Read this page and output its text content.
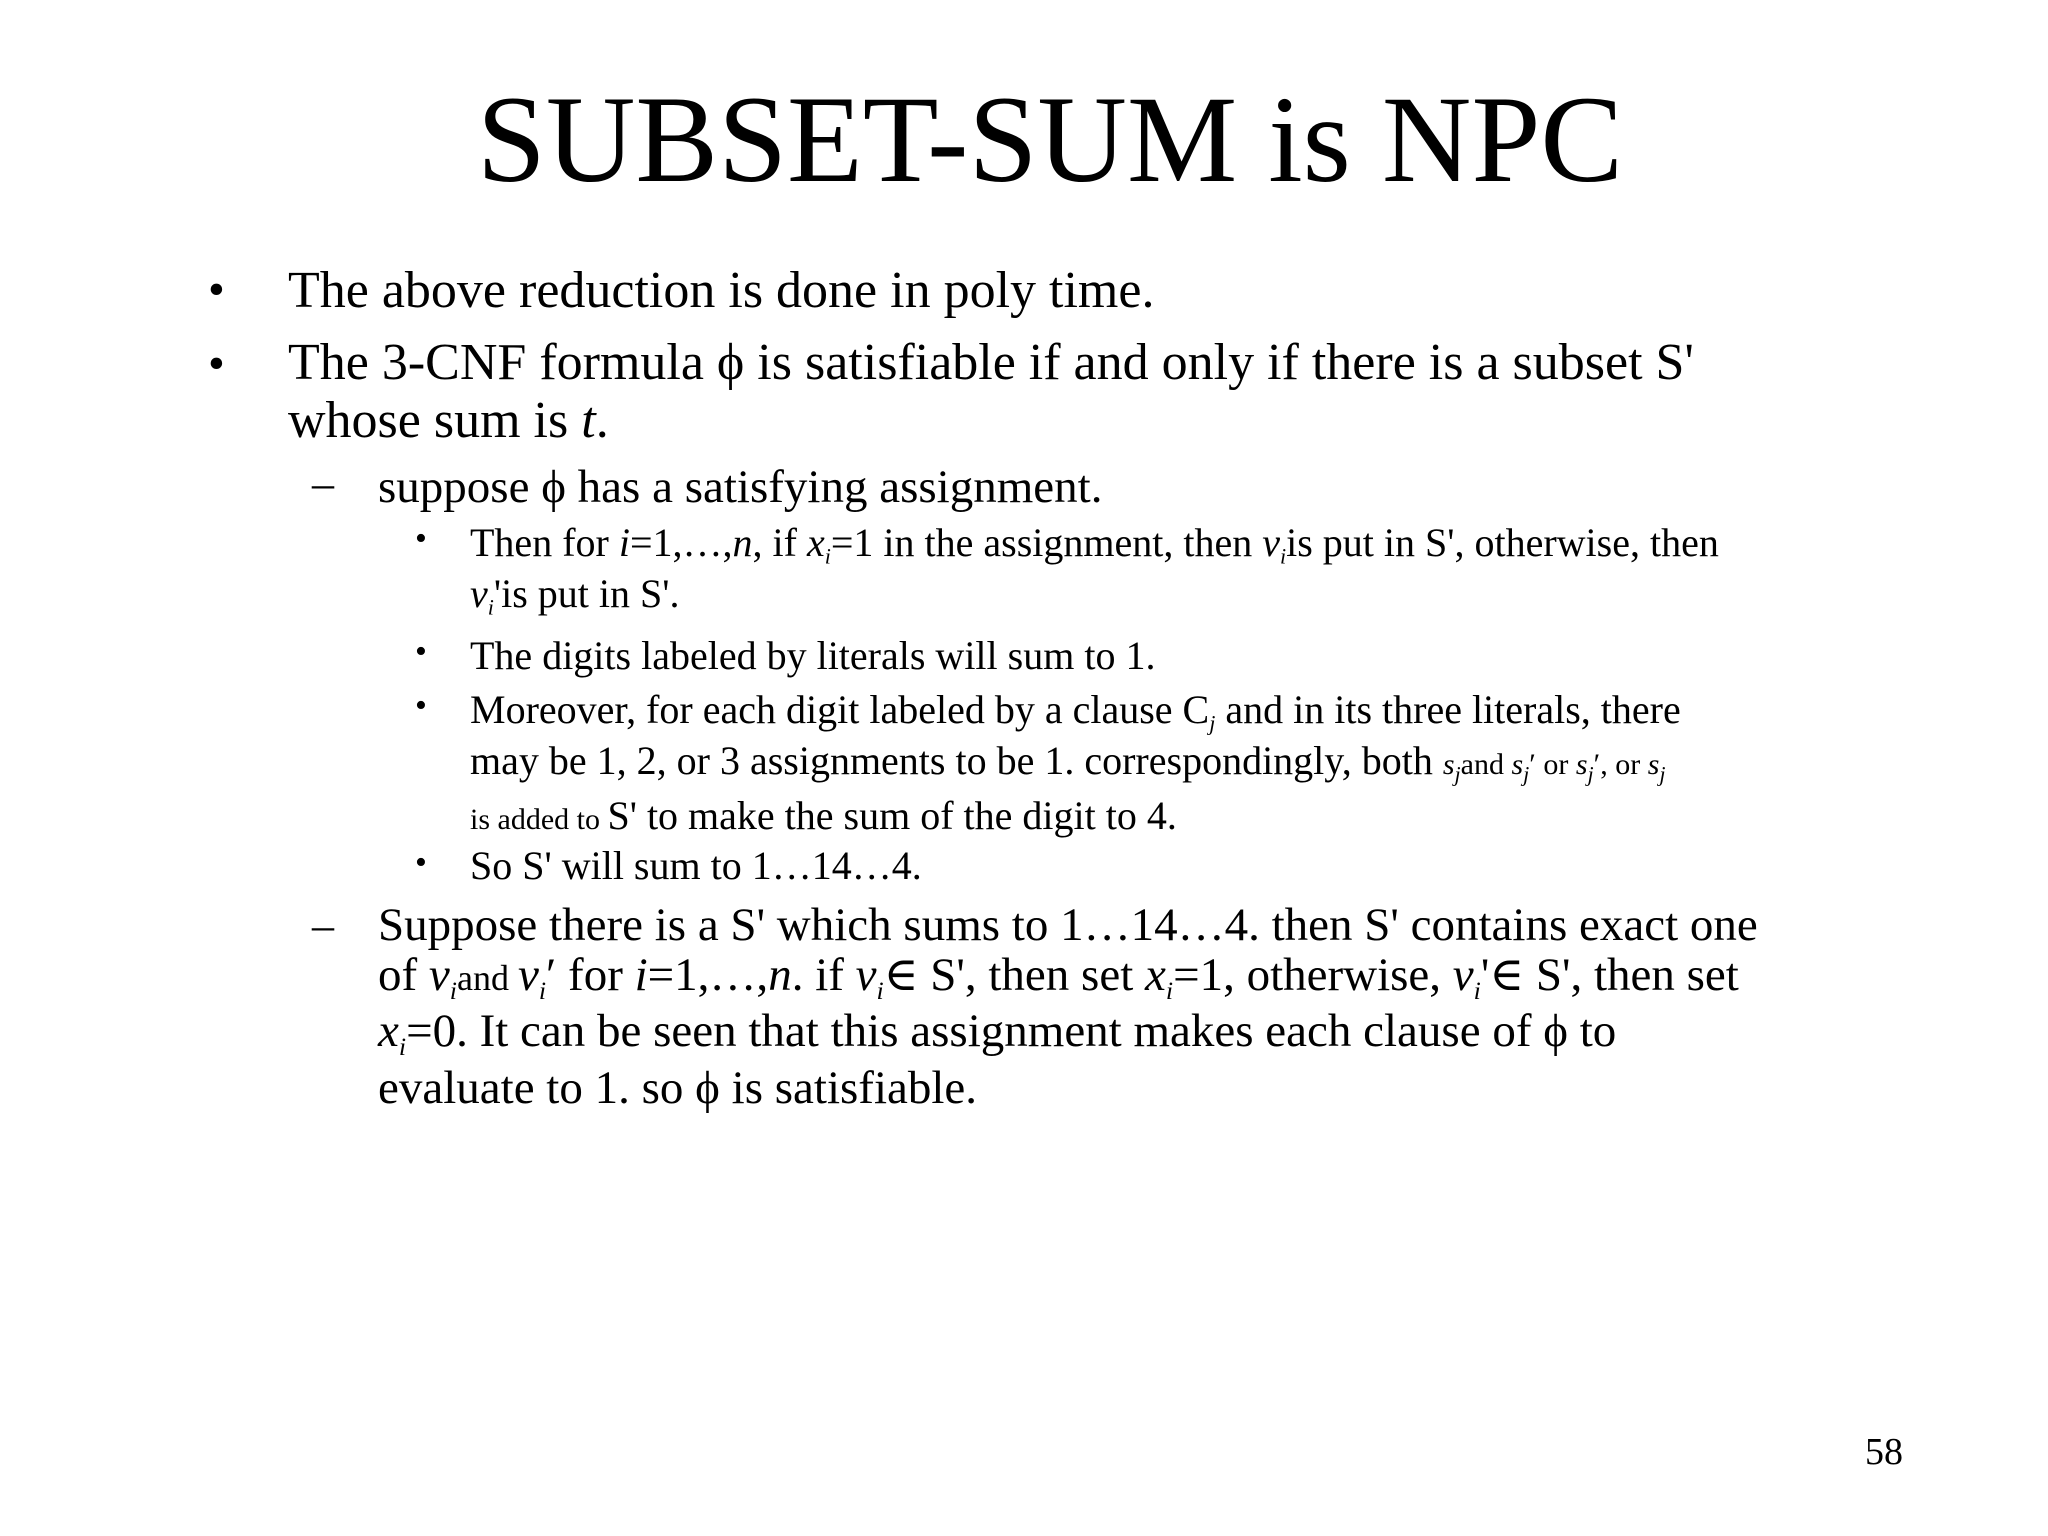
SUBSET-SUM is NPC
• The above reduction is done in poly time.
• The 3-CNF formula ϕ is satisfiable if and only if there is a subset S'
whose sum is t.
– suppose ϕ has a satisfying assignment.
• Then for i=1,…,n, if $x_i=1$ in the assignment, then $v_iis$ put in S', otherwise, then
$v_i'is$ put in S'.
• The digits labeled by literals will sum to 1.
• Moreover, for each digit labeled by a clause $C_j$ and in its three literals, there
may be 1, 2, or 3 assignments to be 1. correspondingly, both $s_jand$ $s_j'$ or $s_j'$, or $s_j$
is added to S' to make the sum of the digit to 4.
• So S' will sum to 1…14…4.
– Suppose there is a S' which sums to 1…14…4. then S' contains exact one
of $v_iand$ $v_i'$ for i=1,…,n. if $v_i\in$ S', then set $x_i=1$, otherwise, $v_i'\in$ S', then set
$x_i=0$. It can be seen that this assignment makes each clause of ϕ to
evaluate to 1. so ϕ is satisfiable.
58
